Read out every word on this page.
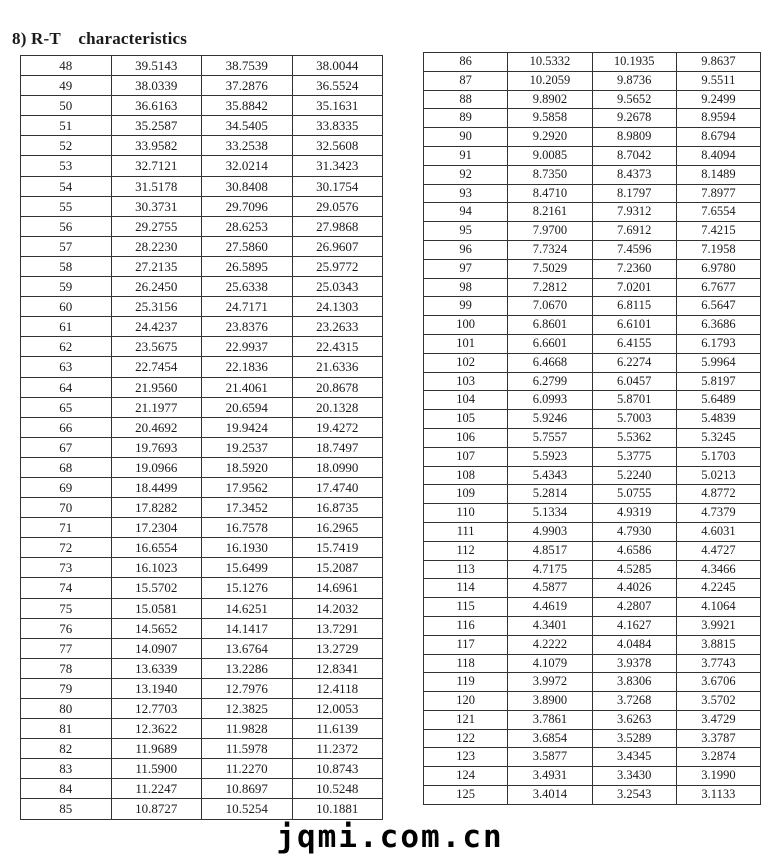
8) R-T    characteristics
48	39.5143	38.7539	38.0044
49	38.0339	37.2876	36.5524
50	36.6163	35.8842	35.1631
51	35.2587	34.5405	33.8335
52	33.9582	33.2538	32.5608
53	32.7121	32.0214	31.3423
54	31.5178	30.8408	30.1754
55	30.3731	29.7096	29.0576
56	29.2755	28.6253	27.9868
57	28.2230	27.5860	26.9607
58	27.2135	26.5895	25.9772
59	26.2450	25.6338	25.0343
60	25.3156	24.7171	24.1303
61	24.4237	23.8376	23.2633
62	23.5675	22.9937	22.4315
63	22.7454	22.1836	21.6336
64	21.9560	21.4061	20.8678
65	21.1977	20.6594	20.1328
66	20.4692	19.9424	19.4272
67	19.7693	19.2537	18.7497
68	19.0966	18.5920	18.0990
69	18.4499	17.9562	17.4740
70	17.8282	17.3452	16.8735
71	17.2304	16.7578	16.2965
72	16.6554	16.1930	15.7419
73	16.1023	15.6499	15.2087
74	15.5702	15.1276	14.6961
75	15.0581	14.6251	14.2032
76	14.5652	14.1417	13.7291
77	14.0907	13.6764	13.2729
78	13.6339	13.2286	12.8341
79	13.1940	12.7976	12.4118
80	12.7703	12.3825	12.0053
81	12.3622	11.9828	11.6139
82	11.9689	11.5978	11.2372
83	11.5900	11.2270	10.8743
84	11.2247	10.8697	10.5248
85	10.8727	10.5254	10.1881
86	10.5332	10.1935	9.8637
87	10.2059	9.8736	9.5511
88	9.8902	9.5652	9.2499
89	9.5858	9.2678	8.9594
90	9.2920	8.9809	8.6794
91	9.0085	8.7042	8.4094
92	8.7350	8.4373	8.1489
93	8.4710	8.1797	7.8977
94	8.2161	7.9312	7.6554
95	7.9700	7.6912	7.4215
96	7.7324	7.4596	7.1958
97	7.5029	7.2360	6.9780
98	7.2812	7.0201	6.7677
99	7.0670	6.8115	6.5647
100	6.8601	6.6101	6.3686
101	6.6601	6.4155	6.1793
102	6.4668	6.2274	5.9964
103	6.2799	6.0457	5.8197
104	6.0993	5.8701	5.6489
105	5.9246	5.7003	5.4839
106	5.7557	5.5362	5.3245
107	5.5923	5.3775	5.1703
108	5.4343	5.2240	5.0213
109	5.2814	5.0755	4.8772
110	5.1334	4.9319	4.7379
111	4.9903	4.7930	4.6031
112	4.8517	4.6586	4.4727
113	4.7175	4.5285	4.3466
114	4.5877	4.4026	4.2245
115	4.4619	4.2807	4.1064
116	4.3401	4.1627	3.9921
117	4.2222	4.0484	3.8815
118	4.1079	3.9378	3.7743
119	3.9972	3.8306	3.6706
120	3.8900	3.7268	3.5702
121	3.7861	3.6263	3.4729
122	3.6854	3.5289	3.3787
123	3.5877	3.4345	3.2874
124	3.4931	3.3430	3.1990
125	3.4014	3.2543	3.1133
jqmi.com.cn
